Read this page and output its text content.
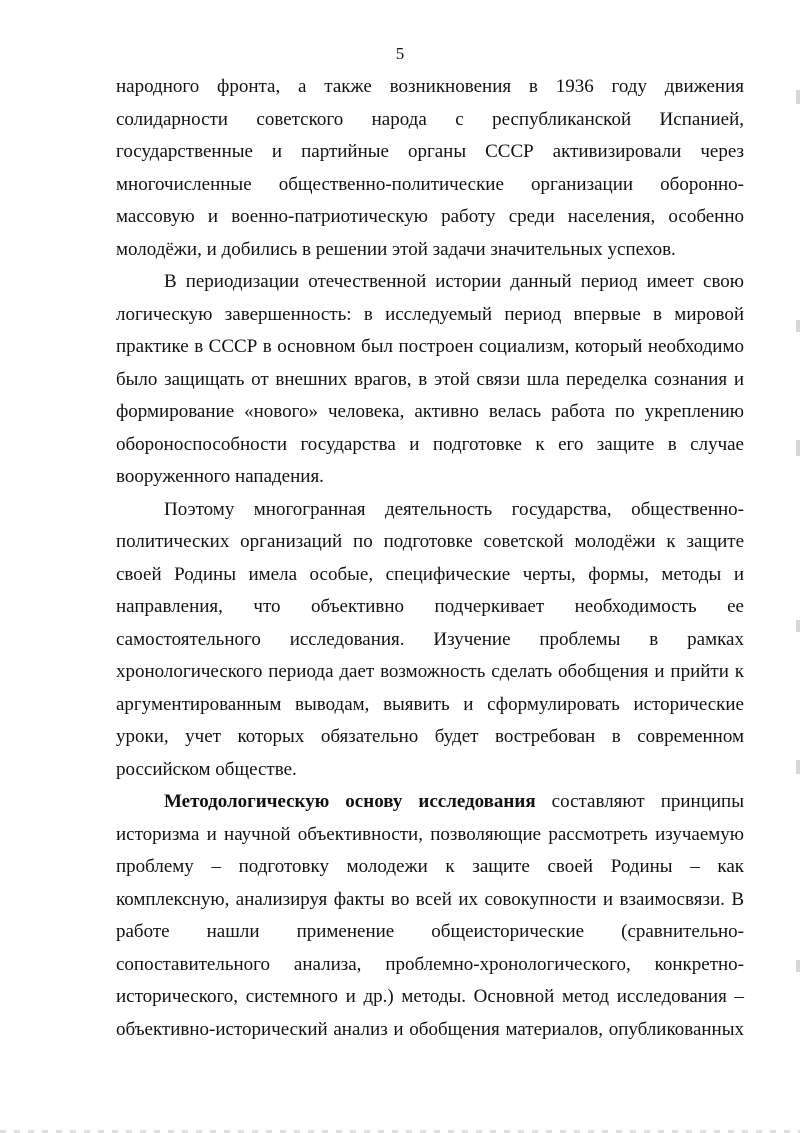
5
народного фронта, а также возникновения в 1936 году движения
солидарности советского народа с республиканской Испанией,
государственные и партийные органы СССР активизировали через
многочисленные общественно-политические организации оборонно-
массовую и военно-патриотическую работу среди населения, особенно
молодёжи, и добились в решении этой задачи значительных успехов.
В периодизации отечественной истории данный период имеет свою
логическую завершенность: в исследуемый период впервые в мировой
практике в СССР в основном был построен социализм, который необходимо
было защищать от внешних врагов, в этой связи шла переделка сознания и
формирование «нового» человека, активно велась работа по укреплению
обороноспособности государства и подготовке к его защите в случае
вооруженного нападения.
Поэтому многогранная деятельность государства, общественно-
политических организаций по подготовке советской молодёжи к защите
своей Родины имела особые, специфические черты, формы, методы и
направления, что объективно подчеркивает необходимость ее
самостоятельного исследования. Изучение проблемы в рамках
хронологического периода дает возможность сделать обобщения и прийти к
аргументированным выводам, выявить и сформулировать исторические
уроки, учет которых обязательно будет востребован в современном
российском обществе.
Методологическую основу исследования составляют принципы
историзма и научной объективности, позволяющие рассмотреть изучаемую
проблему – подготовку молодежи к защите своей Родины – как
комплексную, анализируя факты во всей их совокупности и взаимосвязи. В
работе нашли применение общеисторические (сравнительно-
сопоставительного анализа, проблемно-хронологического, конкретно-
исторического, системного и др.) методы. Основной метод исследования –
объективно-исторический анализ и обобщения материалов, опубликованных
